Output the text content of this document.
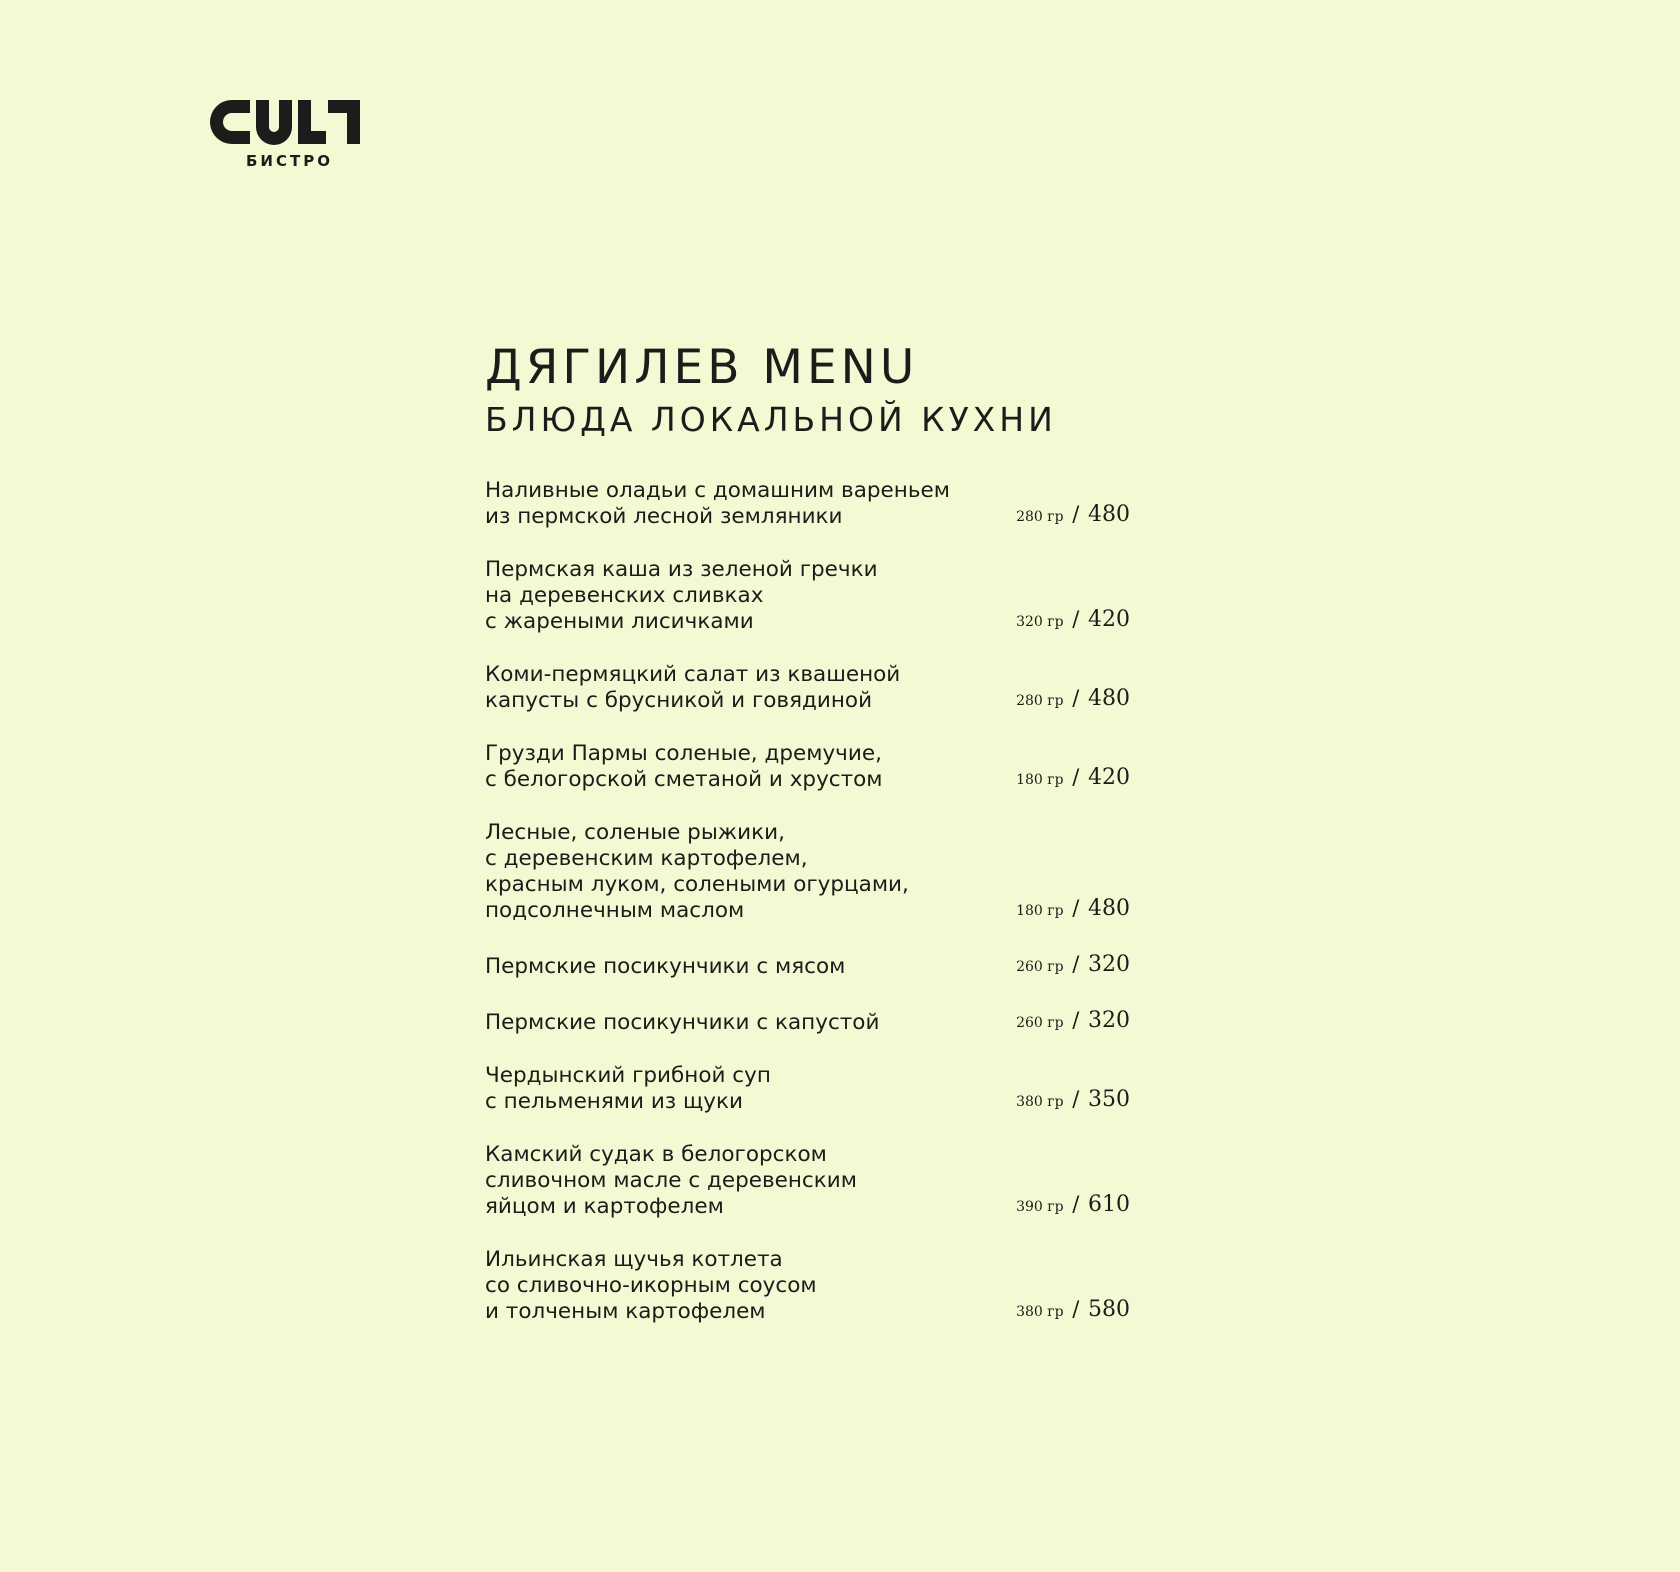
БИСТРО
ДЯГИЛЕВ MENU
БЛЮДА ЛОКАЛЬНОЙ КУХНИ

Наливные оладьи с домашним вареньем
из пермской лесной земляники	280 гр / 480

Пермская каша из зеленой гречки
на деревенских сливках
с жареными лисичками	320 гр / 420

Коми-пермяцкий салат из квашеной
капусты с брусникой и говядиной	280 гр / 480

Грузди Пармы соленые, дремучие,
с белогорской сметаной и хрустом	180 гр / 420

Лесные, соленые рыжики,
с деревенским картофелем,
красным луком, солеными огурцами,
подсолнечным маслом	180 гр / 480

Пермские посикунчики с мясом	260 гр / 320

Пермские посикунчики с капустой	260 гр / 320

Чердынский грибной суп
с пельменями из щуки	380 гр / 350

Камский судак в белогорском
сливочном масле с деревенским
яйцом и картофелем	390 гр / 610

Ильинская щучья котлета
со сливочно-икорным соусом
и толченым картофелем	380 гр / 580
